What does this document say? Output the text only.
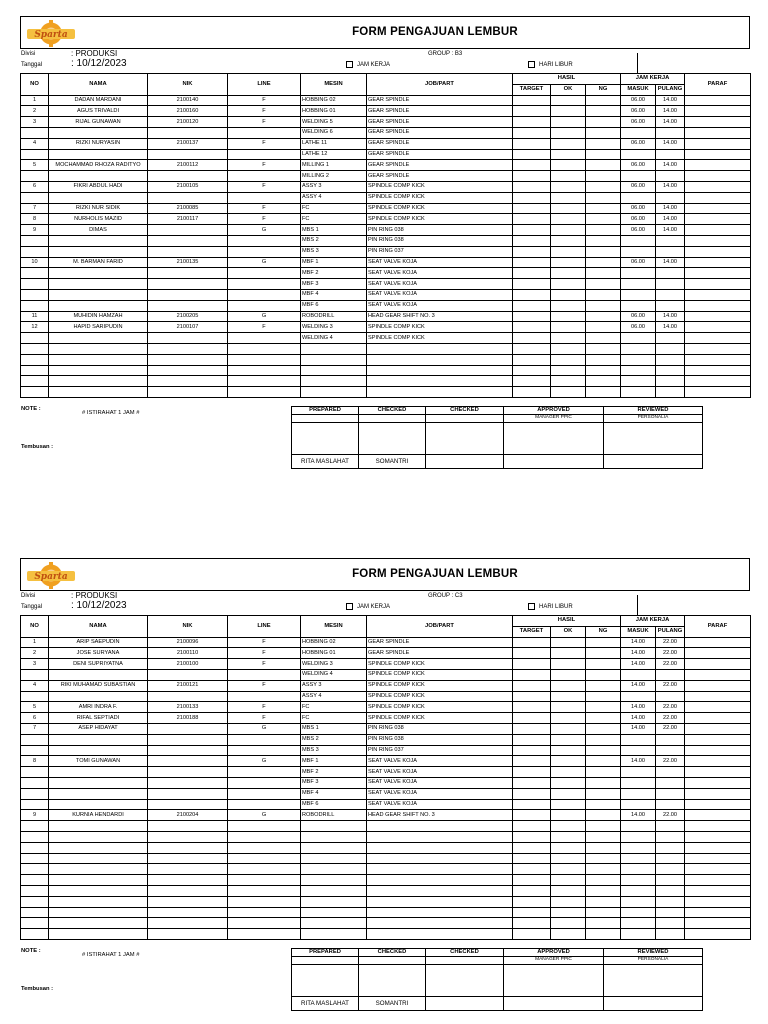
Sparta	FORM PENGAJUAN LEMBUR
Divisi	: PRODUKSI
Tanggal	: 10/12/2023
GROUP : B3
JAM KERJA	HARI LIBUR
NO	NAMA	NIK	LINE	MESIN	JOB/PART	HASIL			JAM KERJA		PARAF
						TARGET	OK	NG	MASUK	PULANG	
1	DADAN MARDANI	2100140	F	HOBBING 02	GEAR SPINDLE				06.00	14.00	
2	AGUS TRIVALDI	2100160	F	HOBBING 01	GEAR SPINDLE				06.00	14.00	
3	RIJAL GUNAWAN	2100120	F	WELDING 5	GEAR SPINDLE				06.00	14.00	
				WELDING 6	GEAR SPINDLE						
4	RIZKI NURYASIN	2100137	F	LATHE 11	GEAR SPINDLE				06.00	14.00	
				LATHE 12	GEAR SPINDLE						
5	MOCHAMMAD RHOZA RADITYO	2100112	F	MILLING 1	GEAR SPINDLE				06.00	14.00	
				MILLING 2	GEAR SPINDLE						
6	FIKRI ABDUL HADI	2100105	F	ASSY 3	SPINDLE COMP KICK				06.00	14.00	
				ASSY 4	SPINDLE COMP KICK						
7	RIZKI NUR SIDIK	2100085	F	FC	SPINDLE COMP KICK				06.00	14.00	
8	NURHOLIS MAZID	2100117	F	FC	SPINDLE COMP KICK				06.00	14.00	
9	DIMAS		G	MBS 1	PIN RING 038				06.00	14.00	
				MBS 2	PIN RING 038						
				MBS 3	PIN RING 037						
10	M. BARMAN FARID	2100135	G	MBF 1	SEAT VALVE KOJA				06.00	14.00	
				MBF 2	SEAT VALVE KOJA						
				MBF 3	SEAT VALVE KOJA						
				MBF 4	SEAT VALVE KOJA						
				MBF 6	SEAT VALVE KOJA						
11	MUHIDIN HAMZAH	2100205	G	ROBODRILL	HEAD GEAR SHIFT NO. 3				06.00	14.00	
12	HAPID SARIPUDIN	2100107	F	WELDING 3	SPINDLE COMP KICK				06.00	14.00	
				WELDING 4	SPINDLE COMP KICK						

NOTE :
# ISTIRAHAT 1 JAM #
Tembusan :
PREPARED	CHECKED	CHECKED	APPROVED	REVIEWED
			MANAGER PPIC	PERSONALIA

RITA MASLAHAT	SOMANTRI			
Sparta	FORM PENGAJUAN LEMBUR
Divisi	: PRODUKSI
Tanggal	: 10/12/2023
GROUP : C3
JAM KERJA	HARI LIBUR
NO	NAMA	NIK	LINE	MESIN	JOB/PART	HASIL			JAM KERJA		PARAF
						TARGET	OK	NG	MASUK	PULANG	
1	ARIP SAEPUDIN	2100096	F	HOBBING 02	GEAR SPINDLE				14.00	22.00	
2	JOSE SURYANA	2100110	F	HOBBING 01	GEAR SPINDLE				14.00	22.00	
3	DENI SUPRIYATNA	2100100	F	WELDING 3	SPINDLE COMP KICK				14.00	22.00	
				WELDING 4	SPINDLE COMP KICK						
4	RIKI MUHAMAD SUBASTIAN	2100121	F	ASSY 3	SPINDLE COMP KICK				14.00	22.00	
				ASSY 4	SPINDLE COMP KICK						
5	AMRI INDRA F.	2100133	F	FC	SPINDLE COMP KICK				14.00	22.00	
6	RIFAL SEPTIADI	2100188	F	FC	SPINDLE COMP KICK				14.00	22.00	
7	ASEP HIDAYAT		G	MBS 1	PIN RING 038				14.00	22.00	
				MBS 2	PIN RING 038						
				MBS 3	PIN RING 037						
8	TOMI GUNAWAN		G	MBF 1	SEAT VALVE KOJA				14.00	22.00	
				MBF 2	SEAT VALVE KOJA						
				MBF 3	SEAT VALVE KOJA						
				MBF 4	SEAT VALVE KOJA						
				MBF 6	SEAT VALVE KOJA						
9	KURNIA HENDARDI	2100204	G	ROBODRILL	HEAD GEAR SHIFT NO. 3				14.00	22.00	

NOTE :
# ISTIRAHAT 1 JAM #
Tembusan :
PREPARED	CHECKED	CHECKED	APPROVED	REVIEWED
			MANAGER PPIC	PERSONALIA

RITA MASLAHAT	SOMANTRI			
